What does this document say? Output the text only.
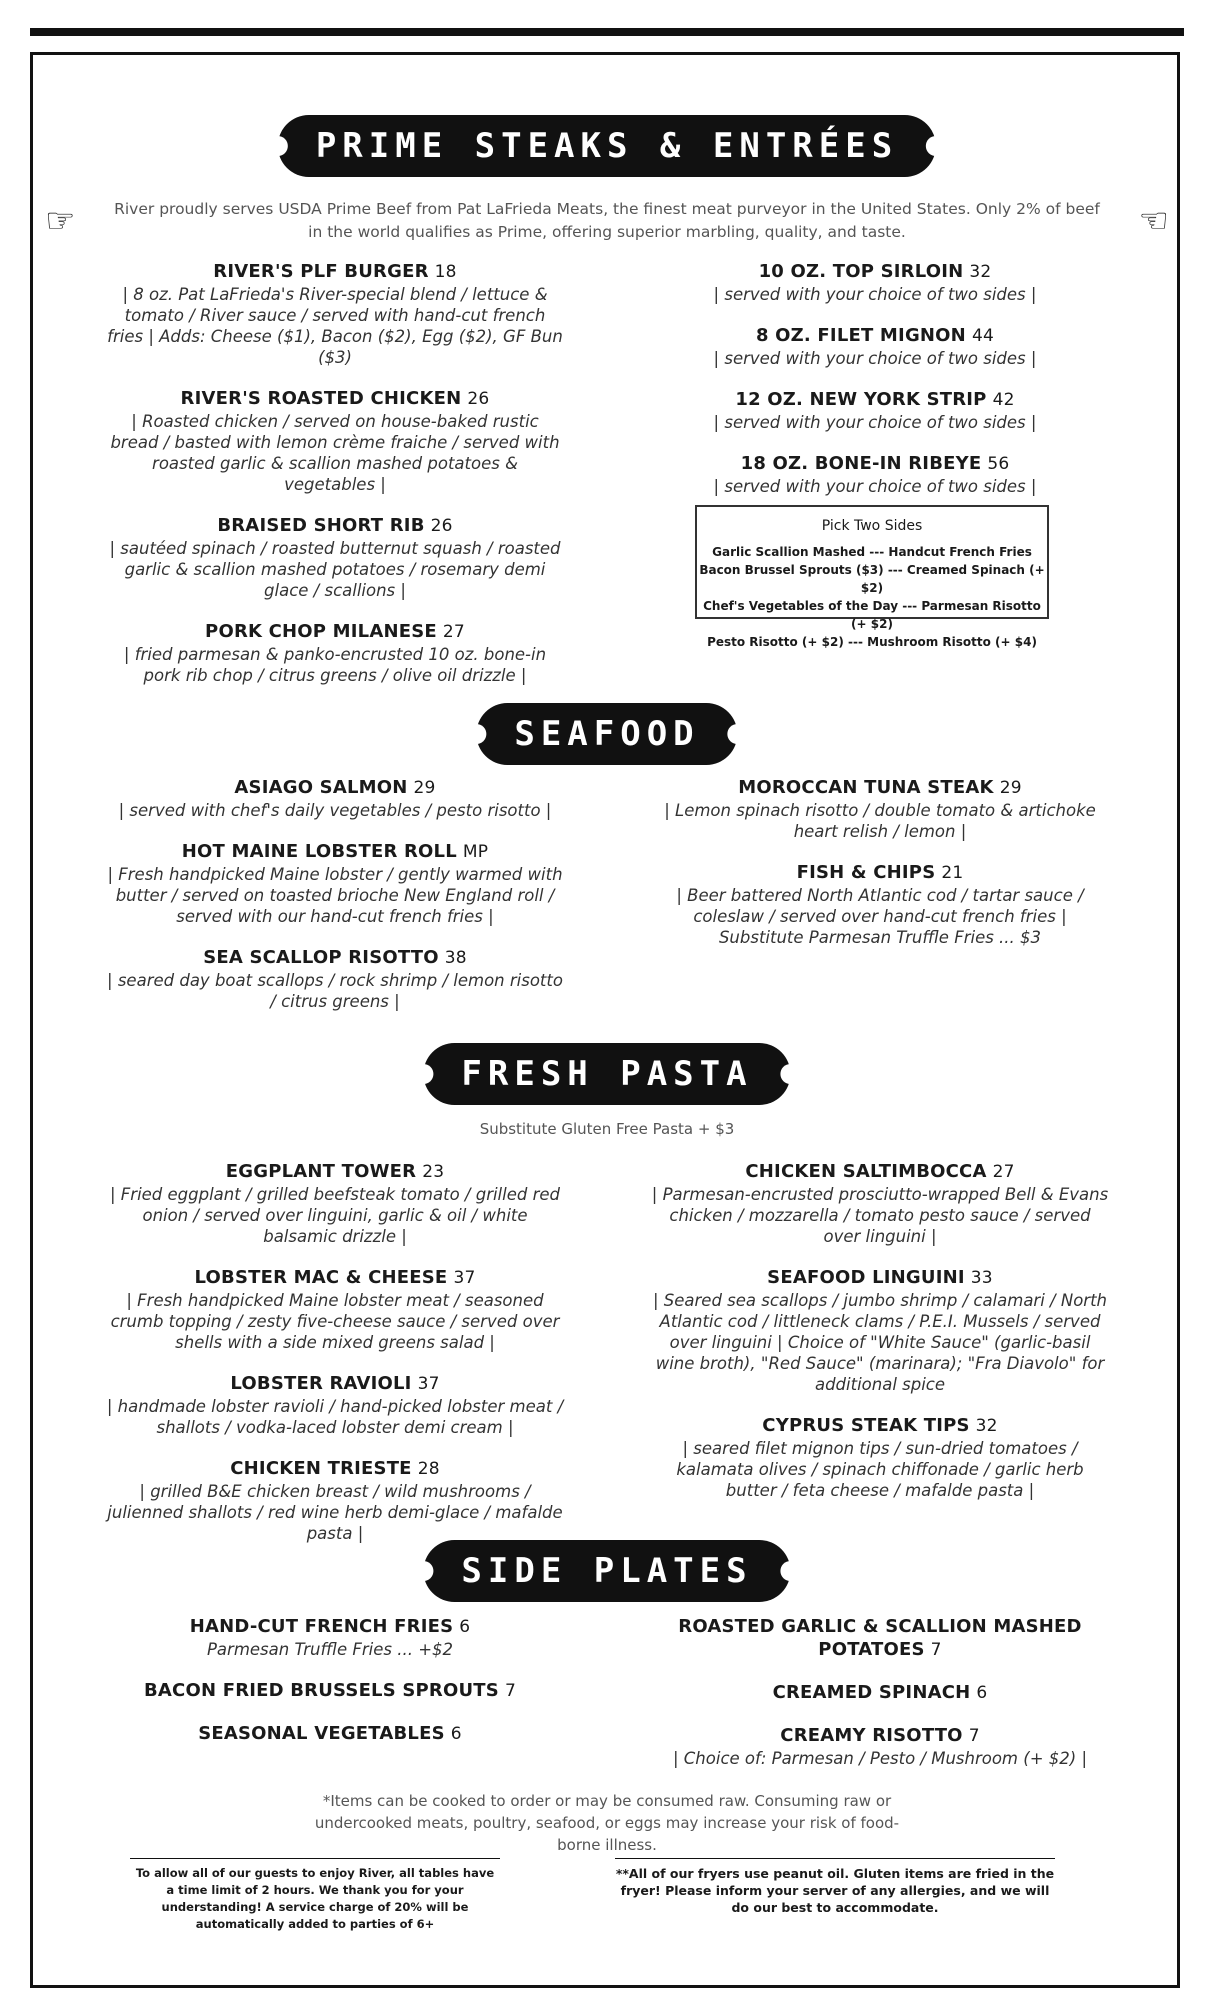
PRIME STEAKS & ENTRÉES
☞	☜
River proudly serves USDA Prime Beef from Pat LaFrieda Meats, the finest meat purveyor in the United States. Only 2% of beef in the world qualifies as Prime, offering superior marbling, quality, and taste.
RIVER'S PLF BURGER 18
| 8 oz. Pat LaFrieda's River-special blend / lettuce & tomato / River sauce / served with hand-cut french fries | Adds: Cheese ($1), Bacon ($2), Egg ($2), GF Bun ($3)
RIVER'S ROASTED CHICKEN 26
| Roasted chicken / served on house-baked rustic bread / basted with lemon crème fraiche / served with roasted garlic & scallion mashed potatoes & vegetables |
BRAISED SHORT RIB 26
| sautéed spinach / roasted butternut squash / roasted garlic & scallion mashed potatoes / rosemary demi glace / scallions |
PORK CHOP MILANESE 27
| fried parmesan & panko-encrusted 10 oz. bone-in pork rib chop / citrus greens / olive oil drizzle |
10 OZ. TOP SIRLOIN 32
| served with your choice of two sides |
8 OZ. FILET MIGNON 44
| served with your choice of two sides |
12 OZ. NEW YORK STRIP 42
| served with your choice of two sides |
18 OZ. BONE-IN RIBEYE 56
| served with your choice of two sides |
Pick Two Sides
Garlic Scallion Mashed --- Handcut French Fries
Bacon Brussel Sprouts ($3) --- Creamed Spinach (+ $2)
Chef's Vegetables of the Day --- Parmesan Risotto (+ $2)
Pesto Risotto (+ $2) --- Mushroom Risotto (+ $4)
SEAFOOD
ASIAGO SALMON 29
| served with chef's daily vegetables / pesto risotto |
HOT MAINE LOBSTER ROLL MP
| Fresh handpicked Maine lobster / gently warmed with butter / served on toasted brioche New England roll / served with our hand-cut french fries |
SEA SCALLOP RISOTTO 38
| seared day boat scallops / rock shrimp / lemon risotto / citrus greens |
MOROCCAN TUNA STEAK 29
| Lemon spinach risotto / double tomato & artichoke heart relish / lemon |
FISH & CHIPS 21
| Beer battered North Atlantic cod / tartar sauce / coleslaw / served over hand-cut french fries | Substitute Parmesan Truffle Fries ... $3
FRESH PASTA
Substitute Gluten Free Pasta + $3
EGGPLANT TOWER 23
| Fried eggplant / grilled beefsteak tomato / grilled red onion / served over linguini, garlic & oil / white balsamic drizzle |
LOBSTER MAC & CHEESE 37
| Fresh handpicked Maine lobster meat / seasoned crumb topping / zesty five-cheese sauce / served over shells with a side mixed greens salad |
LOBSTER RAVIOLI 37
| handmade lobster ravioli / hand-picked lobster meat / shallots / vodka-laced lobster demi cream |
CHICKEN TRIESTE 28
| grilled B&E chicken breast / wild mushrooms / julienned shallots / red wine herb demi-glace / mafalde pasta |
CHICKEN SALTIMBOCCA 27
| Parmesan-encrusted prosciutto-wrapped Bell & Evans chicken / mozzarella / tomato pesto sauce / served over linguini |
SEAFOOD LINGUINI 33
| Seared sea scallops / jumbo shrimp / calamari / North Atlantic cod / littleneck clams / P.E.I. Mussels / served over linguini | Choice of "White Sauce" (garlic-basil wine broth), "Red Sauce" (marinara); "Fra Diavolo" for additional spice
CYPRUS STEAK TIPS 32
| seared filet mignon tips / sun-dried tomatoes / kalamata olives / spinach chiffonade / garlic herb butter / feta cheese / mafalde pasta |
SIDE PLATES
HAND-CUT FRENCH FRIES 6
Parmesan Truffle Fries ... +$2
BACON FRIED BRUSSELS SPROUTS 7
SEASONAL VEGETABLES 6
ROASTED GARLIC & SCALLION MASHED POTATOES 7
CREAMED SPINACH 6
CREAMY RISOTTO 7
| Choice of: Parmesan / Pesto / Mushroom (+ $2) |
*Items can be cooked to order or may be consumed raw. Consuming raw or undercooked meats, poultry, seafood, or eggs may increase your risk of food-borne illness.
To allow all of our guests to enjoy River, all tables have a time limit of 2 hours. We thank you for your understanding! A service charge of 20% will be automatically added to parties of 6+
**All of our fryers use peanut oil. Gluten items are fried in the fryer! Please inform your server of any allergies, and we will do our best to accommodate.
